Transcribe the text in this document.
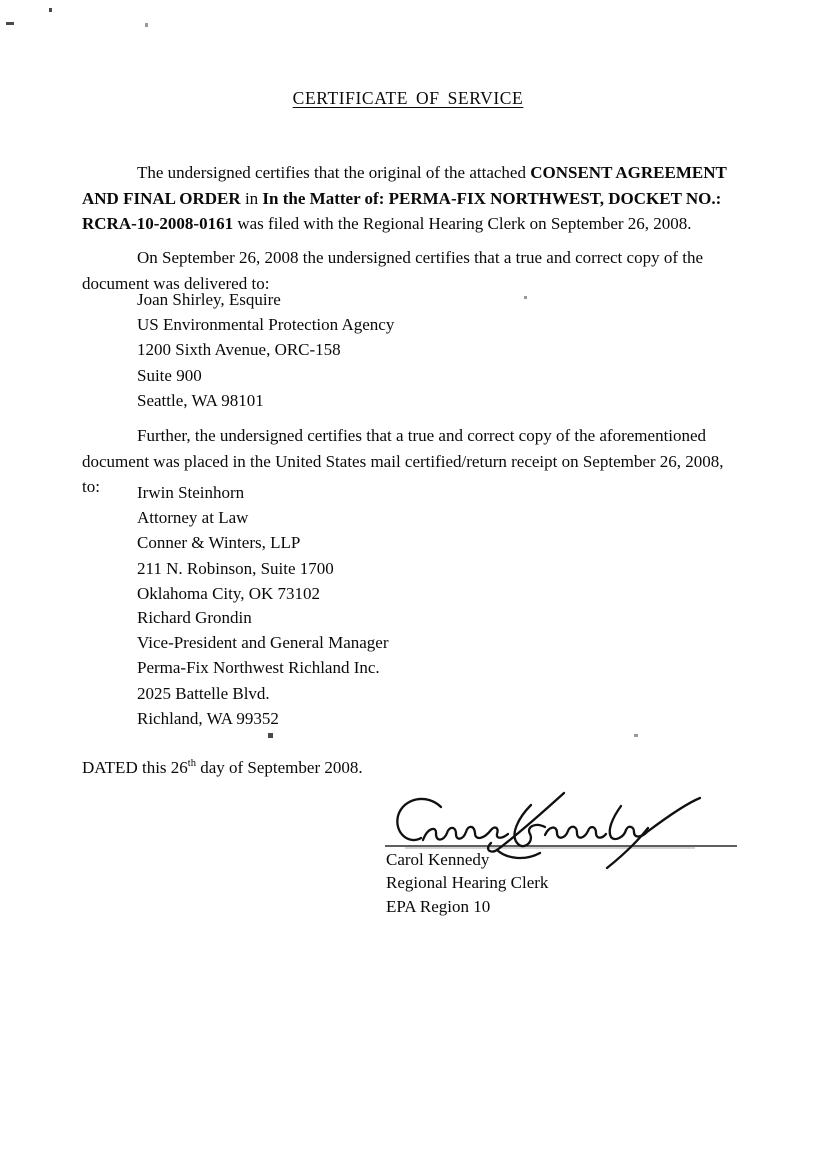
CERTIFICATE OF SERVICE

The undersigned certifies that the original of the attached CONSENT AGREEMENT AND FINAL ORDER in In the Matter of: PERMA-FIX NORTHWEST, DOCKET NO.: RCRA-10-2008-0161 was filed with the Regional Hearing Clerk on September 26, 2008.

On September 26, 2008 the undersigned certifies that a true and correct copy of the document was delivered to:

Joan Shirley, Esquire
US Environmental Protection Agency
1200 Sixth Avenue, ORC-158
Suite 900
Seattle, WA 98101

Further, the undersigned certifies that a true and correct copy of the aforementioned document was placed in the United States mail certified/return receipt on September 26, 2008, to:	Irwin Steinhorn
Attorney at Law
Conner & Winters, LLP
211 N. Robinson, Suite 1700
Oklahoma City, OK 73102
Richard Grondin
Vice-President and General Manager
Perma-Fix Northwest Richland Inc.
2025 Battelle Blvd.
Richland, WA 99352
DATED this 26th day of September 2008.
Carol Kennedy
Regional Hearing Clerk
EPA Region 10
